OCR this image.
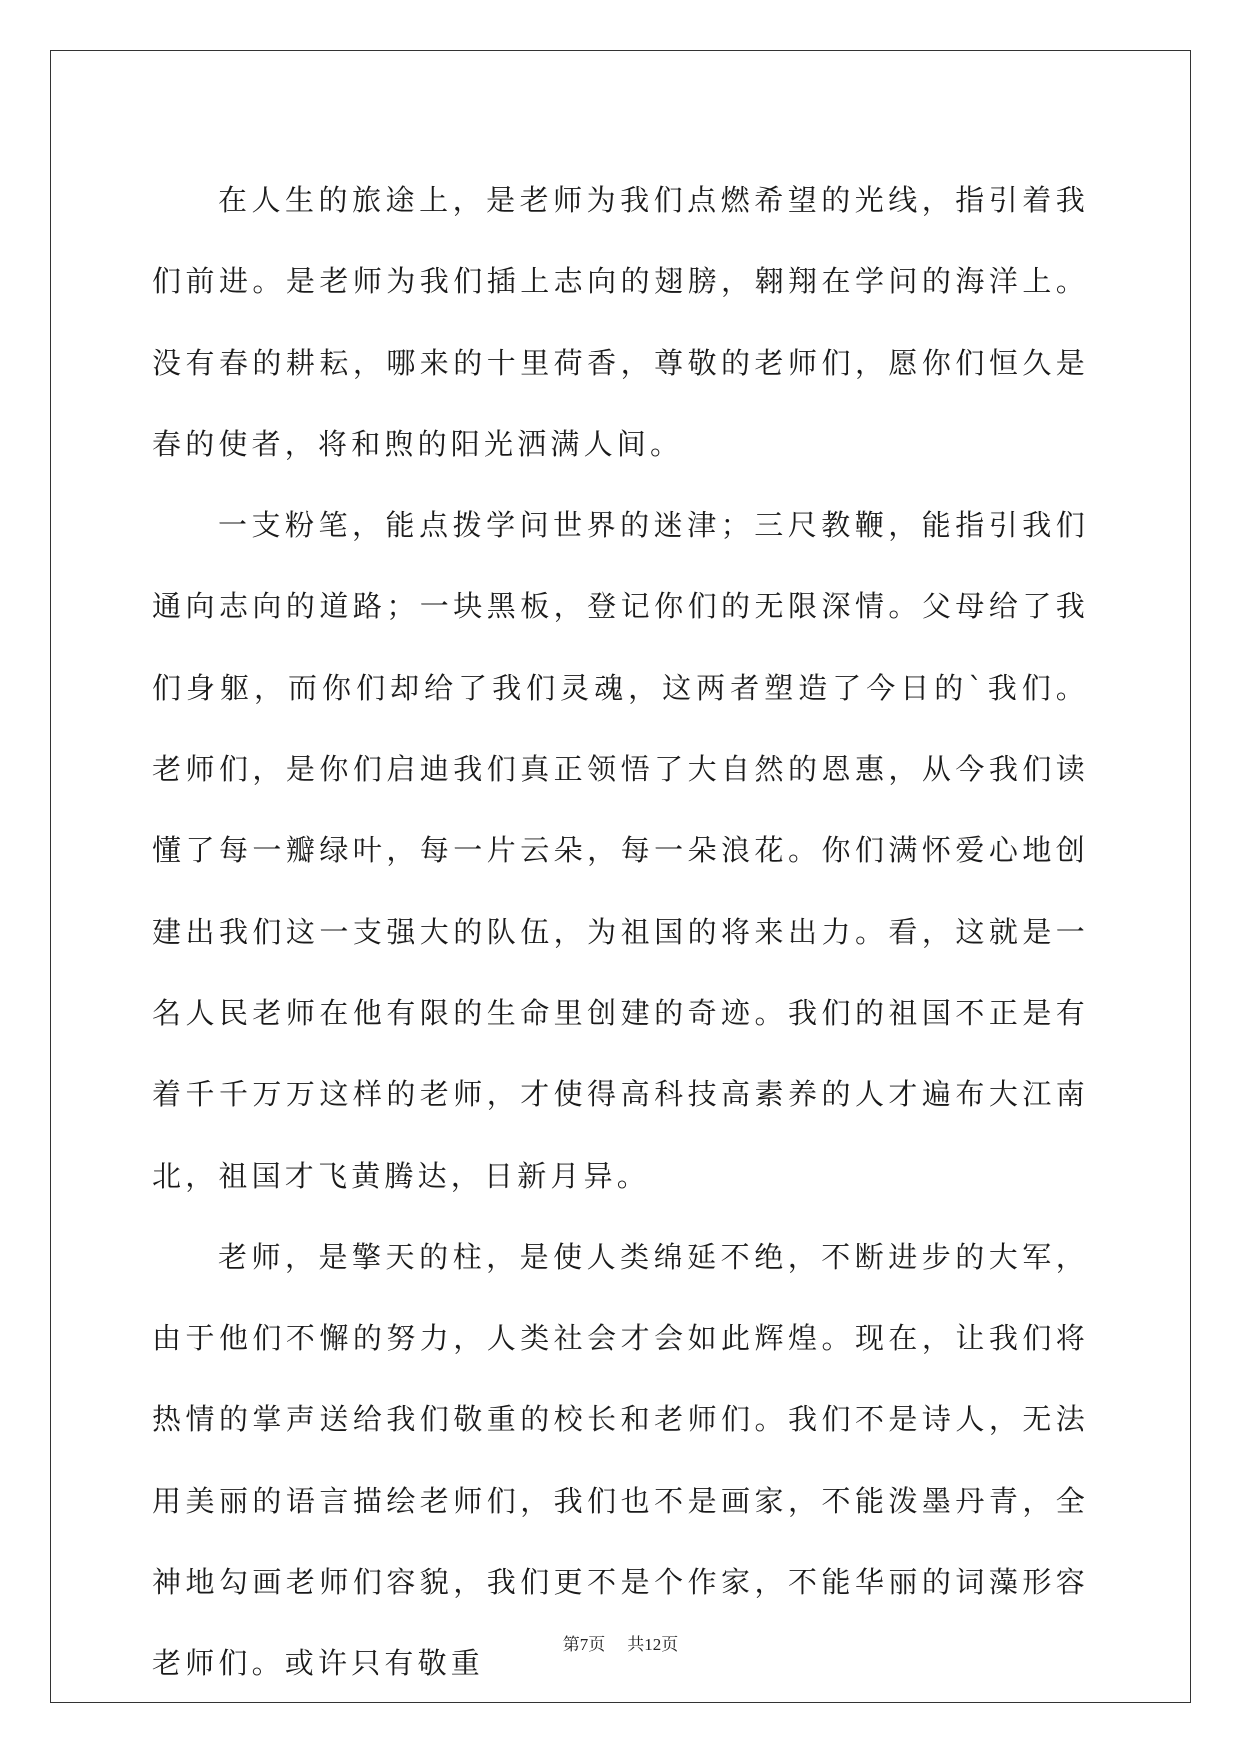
在人生的旅途上，是老师为我们点燃希望的光线，指引着我们前进。是老师为我们插上志向的翅膀，翱翔在学问的海洋上。没有春的耕耘，哪来的十里荷香，尊敬的老师们，愿你们恒久是春的使者，将和煦的阳光洒满人间。

一支粉笔，能点拨学问世界的迷津；三尺教鞭，能指引我们通向志向的道路；一块黑板，登记你们的无限深情。父母给了我们身躯，而你们却给了我们灵魂，这两者塑造了今日的`我们。老师们，是你们启迪我们真正领悟了大自然的恩惠，从今我们读懂了每一瓣绿叶，每一片云朵，每一朵浪花。你们满怀爱心地创建出我们这一支强大的队伍，为祖国的将来出力。看，这就是一名人民老师在他有限的生命里创建的奇迹。我们的祖国不正是有着千千万万这样的老师，才使得高科技高素养的人才遍布大江南北，祖国才飞黄腾达，日新月异。

老师，是擎天的柱，是使人类绵延不绝，不断进步的大军，由于他们不懈的努力，人类社会才会如此辉煌。现在，让我们将热情的掌声送给我们敬重的校长和老师们。我们不是诗人，无法用美丽的语言描绘老师们，我们也不是画家，不能泼墨丹青，全神地勾画老师们容貌，我们更不是个作家，不能华丽的词藻形容老师们。或许只有敬重

第7页 共12页
